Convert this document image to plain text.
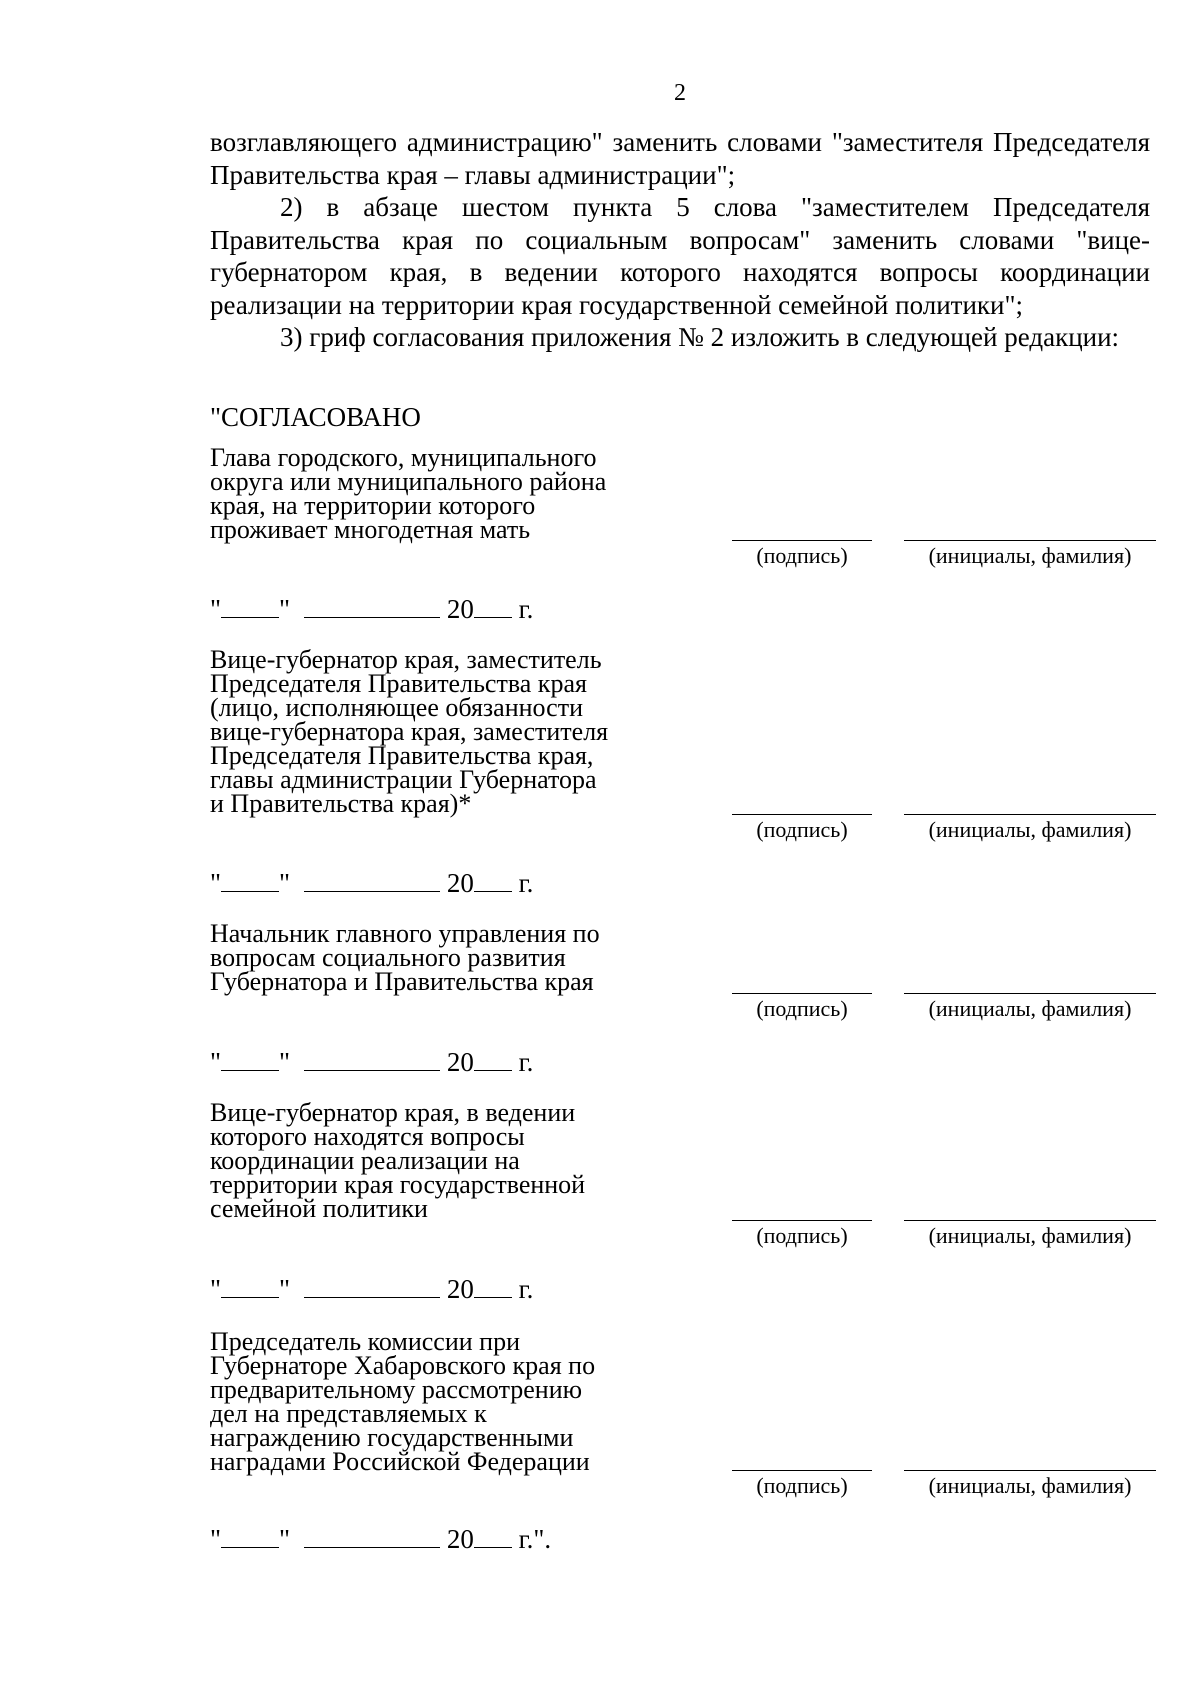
2

возглавляющего администрацию" заменить словами "заместителя Председателя Правительства края – главы администрации";

2) в абзаце шестом пункта 5 слова "заместителем Председателя Правительства края по социальным вопросам" заменить словами "вице-губернатором края, в ведении которого находятся вопросы координации реализации на территории края государственной семейной политики";

3) гриф согласования приложения № 2 изложить в следующей редакции:

"СОГЛАСОВАНО
Глава городского, муниципального
округа или муниципального района
края, на территории которого
проживает многодетная мать
(подпись)	(инициалы, фамилия)
" "	20 г.
Вице-губернатор края, заместитель
Председателя Правительства края
(лицо, исполняющее обязанности
вице-губернатора края, заместителя
Председателя Правительства края,
главы администрации Губернатора
и Правительства края)*
(подпись)	(инициалы, фамилия)
" "	20 г.
Начальник главного управления по
вопросам социального развития
Губернатора и Правительства края
(подпись)	(инициалы, фамилия)
" "	20 г.
Вице-губернатор края, в ведении
которого находятся вопросы
координации реализации на
территории края государственной
семейной политики
(подпись)	(инициалы, фамилия)
" "	20 г.
Председатель комиссии при
Губернаторе Хабаровского края по
предварительному рассмотрению
дел на представляемых к
награждению государственными
наградами Российской Федерации
(подпись)	(инициалы, фамилия)
" "	20 г.".
